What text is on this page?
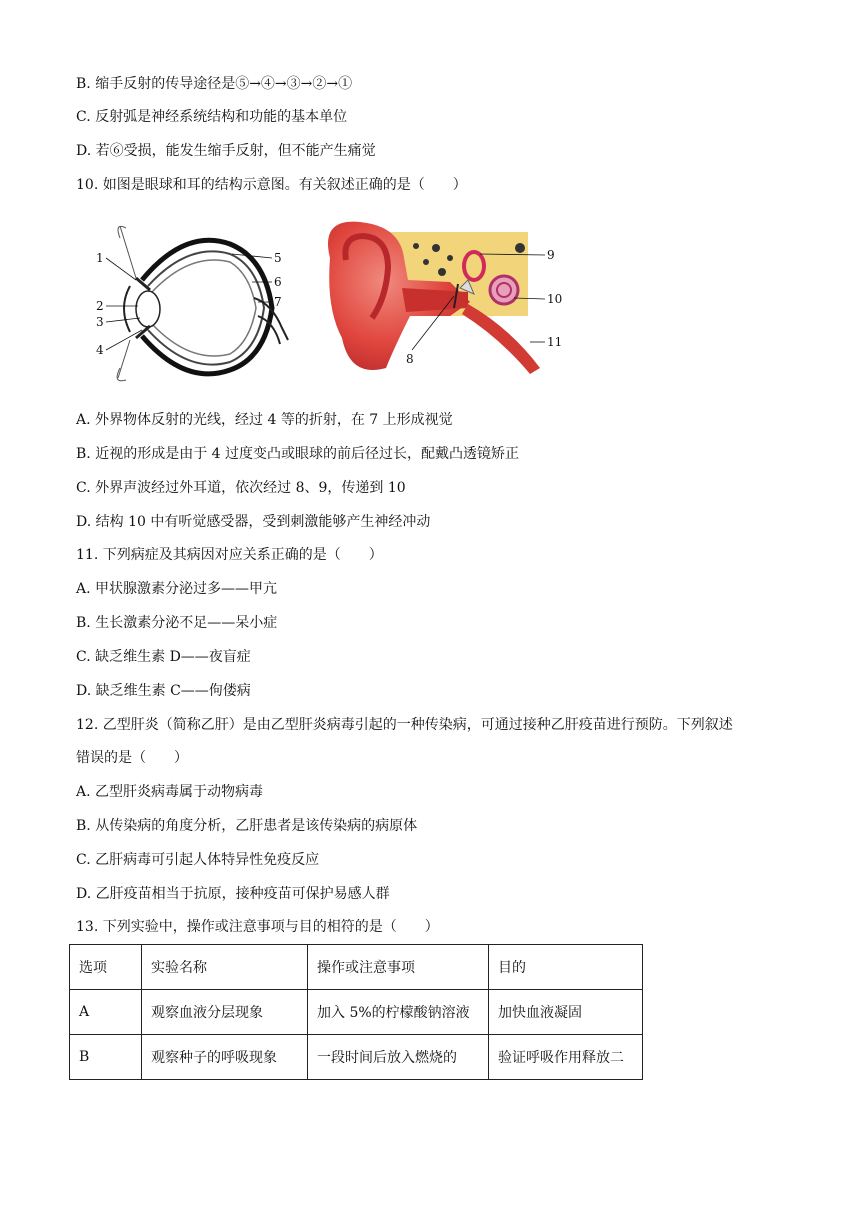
B. 缩手反射的传导途径是⑤→④→③→②→①
C. 反射弧是神经系统结构和功能的基本单位
D. 若⑥受损，能发生缩手反射，但不能产生痛觉
10. 如图是眼球和耳的结构示意图。有关叙述正确的是（　　）
1
2
3
4
5
6
7
9
10
11
8
A. 外界物体反射的光线，经过 4 等的折射，在 7 上形成视觉
B. 近视的形成是由于 4 过度变凸或眼球的前后径过长，配戴凸透镜矫正
C. 外界声波经过外耳道，依次经过 8、9，传递到 10
D. 结构 10 中有听觉感受器，受到刺激能够产生神经冲动
11. 下列病症及其病因对应关系正确的是（　　）
A. 甲状腺激素分泌过多——甲亢
B. 生长激素分泌不足——呆小症
C. 缺乏维生素 D——夜盲症
D. 缺乏维生素 C——佝偻病
12. 乙型肝炎（简称乙肝）是由乙型肝炎病毒引起的一种传染病，可通过接种乙肝疫苗进行预防。下列叙述
错误的是（　　）
A. 乙型肝炎病毒属于动物病毒
B. 从传染病的角度分析，乙肝患者是该传染病的病原体
C. 乙肝病毒可引起人体特异性免疫反应
D. 乙肝疫苗相当于抗原，接种疫苗可保护易感人群
13. 下列实验中，操作或注意事项与目的相符的是（　　）
选项	实验名称	操作或注意事项	目的
A	观察血液分层现象	加入 5%的柠檬酸钠溶液	加快血液凝固
B	观察种子的呼吸现象	一段时间后放入燃烧的	验证呼吸作用释放二
